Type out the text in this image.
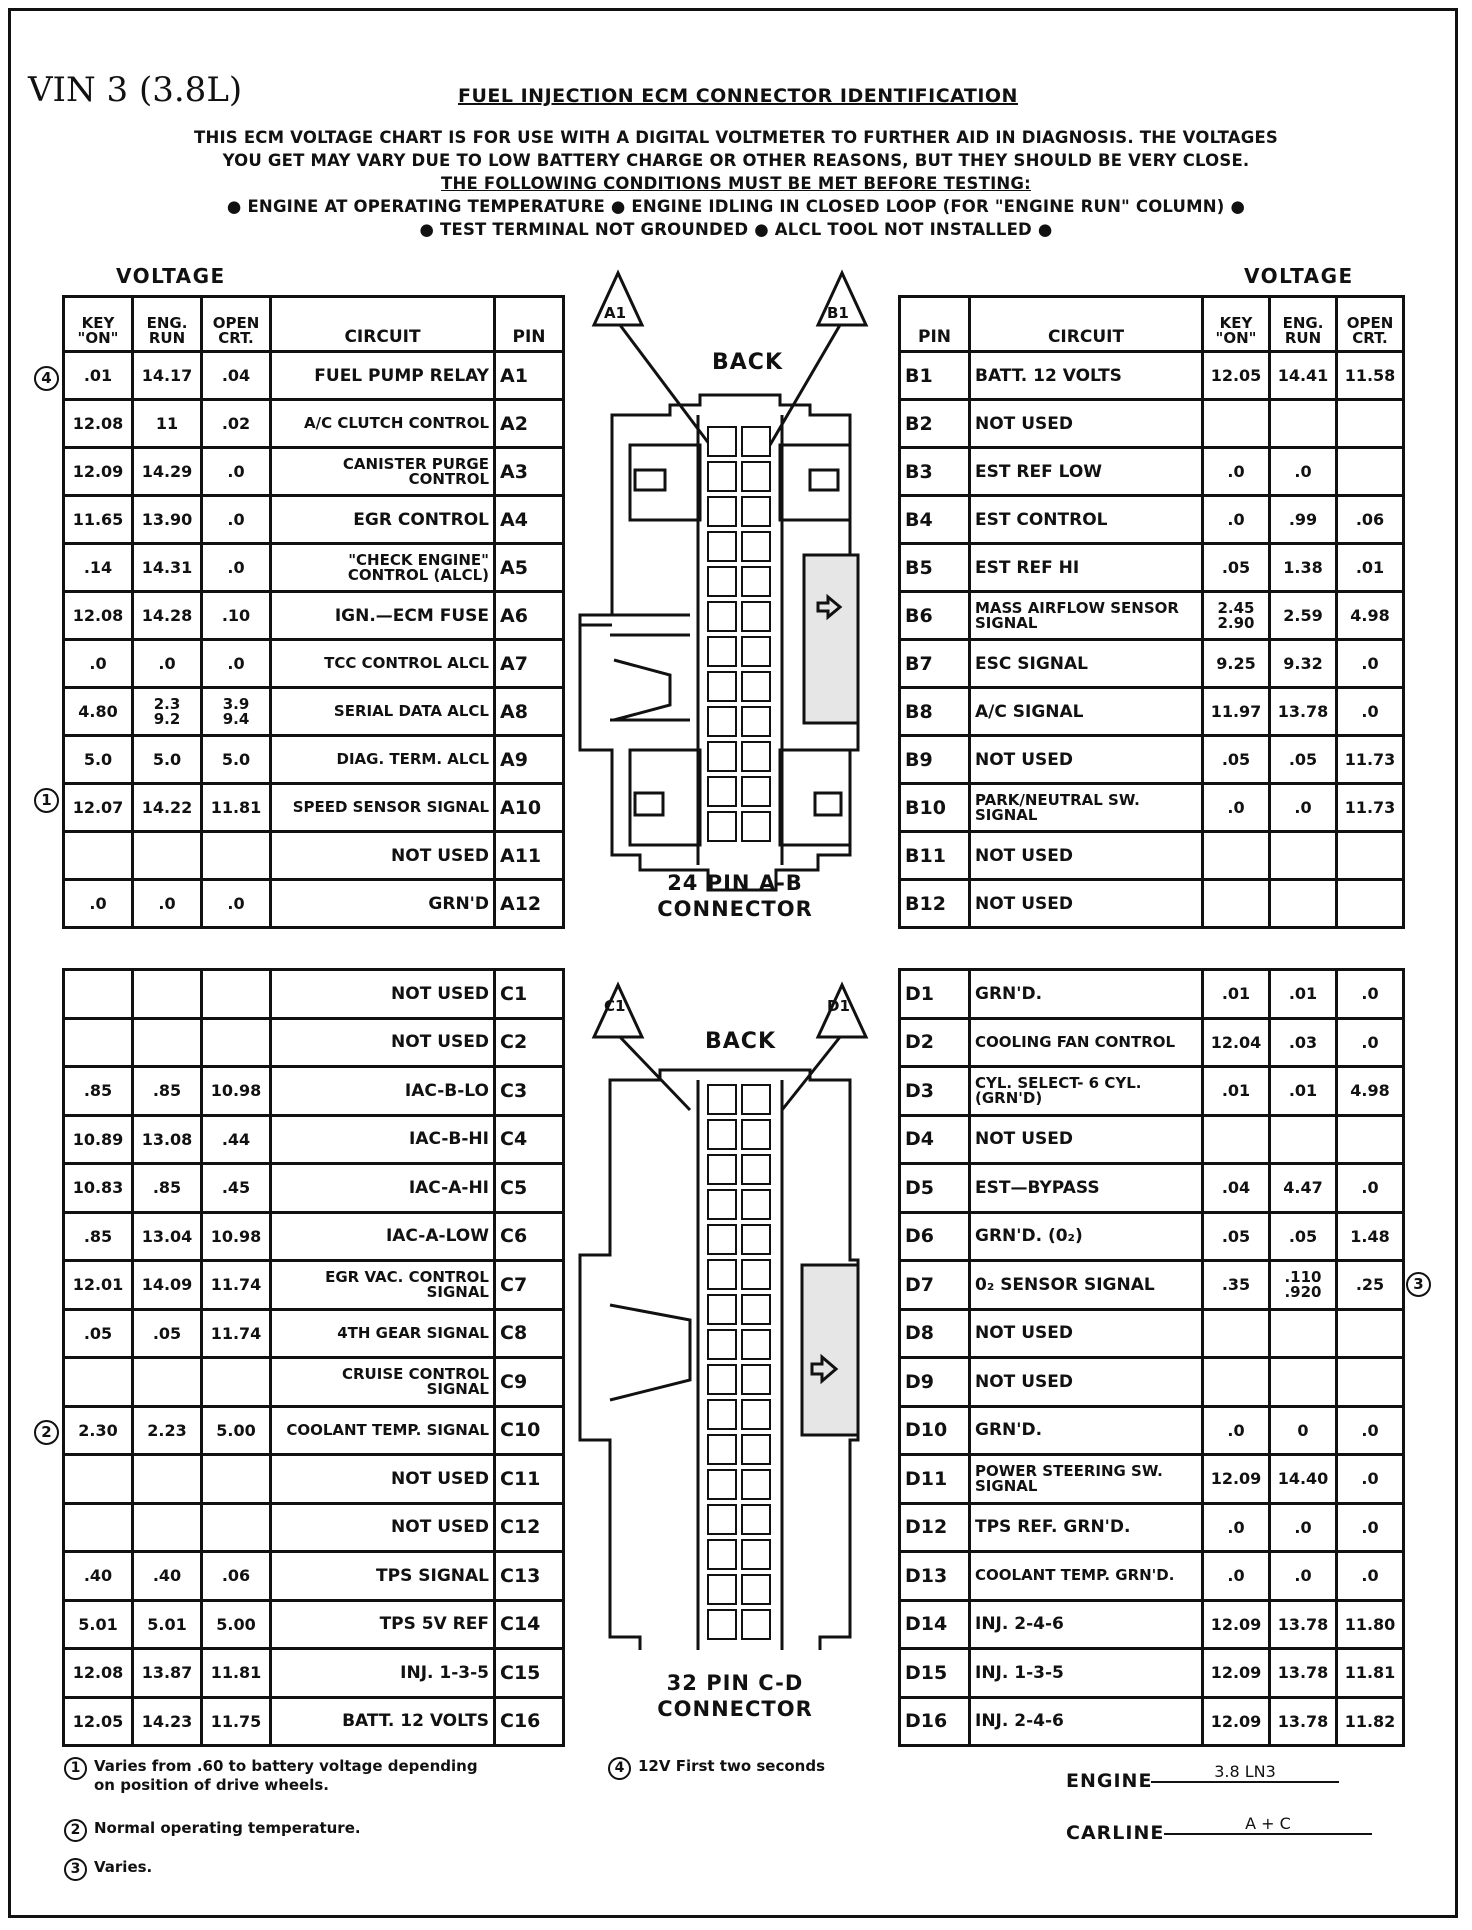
VIN 3 (3.8L)	FUEL INJECTION ECM CONNECTOR IDENTIFICATION
THIS ECM VOLTAGE CHART IS FOR USE WITH A DIGITAL VOLTMETER TO FURTHER AID IN DIAGNOSIS. THE VOLTAGES
YOU GET MAY VARY DUE TO LOW BATTERY CHARGE OR OTHER REASONS, BUT THEY SHOULD BE VERY CLOSE.
THE FOLLOWING CONDITIONS MUST BE MET BEFORE TESTING:
● ENGINE AT OPERATING TEMPERATURE ● ENGINE IDLING IN CLOSED LOOP (FOR "ENGINE RUN" COLUMN) ●
● TEST TERMINAL NOT GROUNDED ● ALCL TOOL NOT INSTALLED ●
VOLTAGE	VOLTAGE
KEY "ON"	ENG. RUN	OPEN CRT.	CIRCUIT	PIN
.01	14.17	.04	FUEL PUMP RELAY	A1
12.08	11	.02	A/C CLUTCH CONTROL	A2
12.09	14.29	.0	CANISTER PURGE CONTROL	A3
11.65	13.90	.0	EGR CONTROL	A4
.14	14.31	.0	"CHECK ENGINE" CONTROL (ALCL)	A5
12.08	14.28	.10	IGN.—ECM FUSE	A6
.0	.0	.0	TCC CONTROL ALCL	A7
4.80	2.3 9.2	3.9 9.4	SERIAL DATA ALCL	A8
5.0	5.0	5.0	DIAG. TERM. ALCL	A9
12.07	14.22	11.81	SPEED SENSOR SIGNAL	A10
			NOT USED	A11
.0	.0	.0	GRN'D	A12
PIN	CIRCUIT	KEY "ON"	ENG. RUN	OPEN CRT.
B1	BATT. 12 VOLTS	12.05	14.41	11.58
B2	NOT USED			
B3	EST REF LOW	.0	.0	
B4	EST CONTROL	.0	.99	.06
B5	EST REF HI	.05	1.38	.01
B6	MASS AIRFLOW SENSOR SIGNAL	2.45 2.90	2.59	4.98
B7	ESC SIGNAL	9.25	9.32	.0
B8	A/C SIGNAL	11.97	13.78	.0
B9	NOT USED	.05	.05	11.73
B10	PARK/NEUTRAL SW. SIGNAL	.0	.0	11.73
B11	NOT USED			
B12	NOT USED			
			NOT USED	C1
			NOT USED	C2
.85	.85	10.98	IAC-B-LO	C3
10.89	13.08	.44	IAC-B-HI	C4
10.83	.85	.45	IAC-A-HI	C5
.85	13.04	10.98	IAC-A-LOW	C6
12.01	14.09	11.74	EGR VAC. CONTROL SIGNAL	C7
.05	.05	11.74	4TH GEAR SIGNAL	C8
			CRUISE CONTROL SIGNAL	C9
2.30	2.23	5.00	COOLANT TEMP. SIGNAL	C10
			NOT USED	C11
			NOT USED	C12
.40	.40	.06	TPS SIGNAL	C13
5.01	5.01	5.00	TPS 5V REF	C14
12.08	13.87	11.81	INJ. 1-3-5	C15
12.05	14.23	11.75	BATT. 12 VOLTS	C16
D1	GRN'D.	.01	.01	.0
D2	COOLING FAN CONTROL	12.04	.03	.0
D3	CYL. SELECT- 6 CYL. (GRN'D)	.01	.01	4.98
D4	NOT USED			
D5	EST—BYPASS	.04	4.47	.0
D6	GRN'D. (0₂)	.05	.05	1.48
D7	0₂ SENSOR SIGNAL	.35	.110 .920	.25
D8	NOT USED			
D9	NOT USED			
D10	GRN'D.	.0	0	.0
D11	POWER STEERING SW. SIGNAL	12.09	14.40	.0
D12	TPS REF. GRN'D.	.0	.0	.0
D13	COOLANT TEMP. GRN'D.	.0	.0	.0
D14	INJ. 2-4-6	12.09	13.78	11.80
D15	INJ. 1-3-5	12.09	13.78	11.81
D16	INJ. 2-4-6	12.09	13.78	11.82
BACK
A1	B1
24 PIN A-B
CONNECTOR
BACK
C1	D1
32 PIN C-D
CONNECTOR
4
1
2
3
1 Varies from .60 to battery voltage depending
on position of drive wheels.
2 Normal operating temperature.
3 Varies.
4 12V First two seconds
ENGINE	3.8 LN3
CARLINE	A + C
